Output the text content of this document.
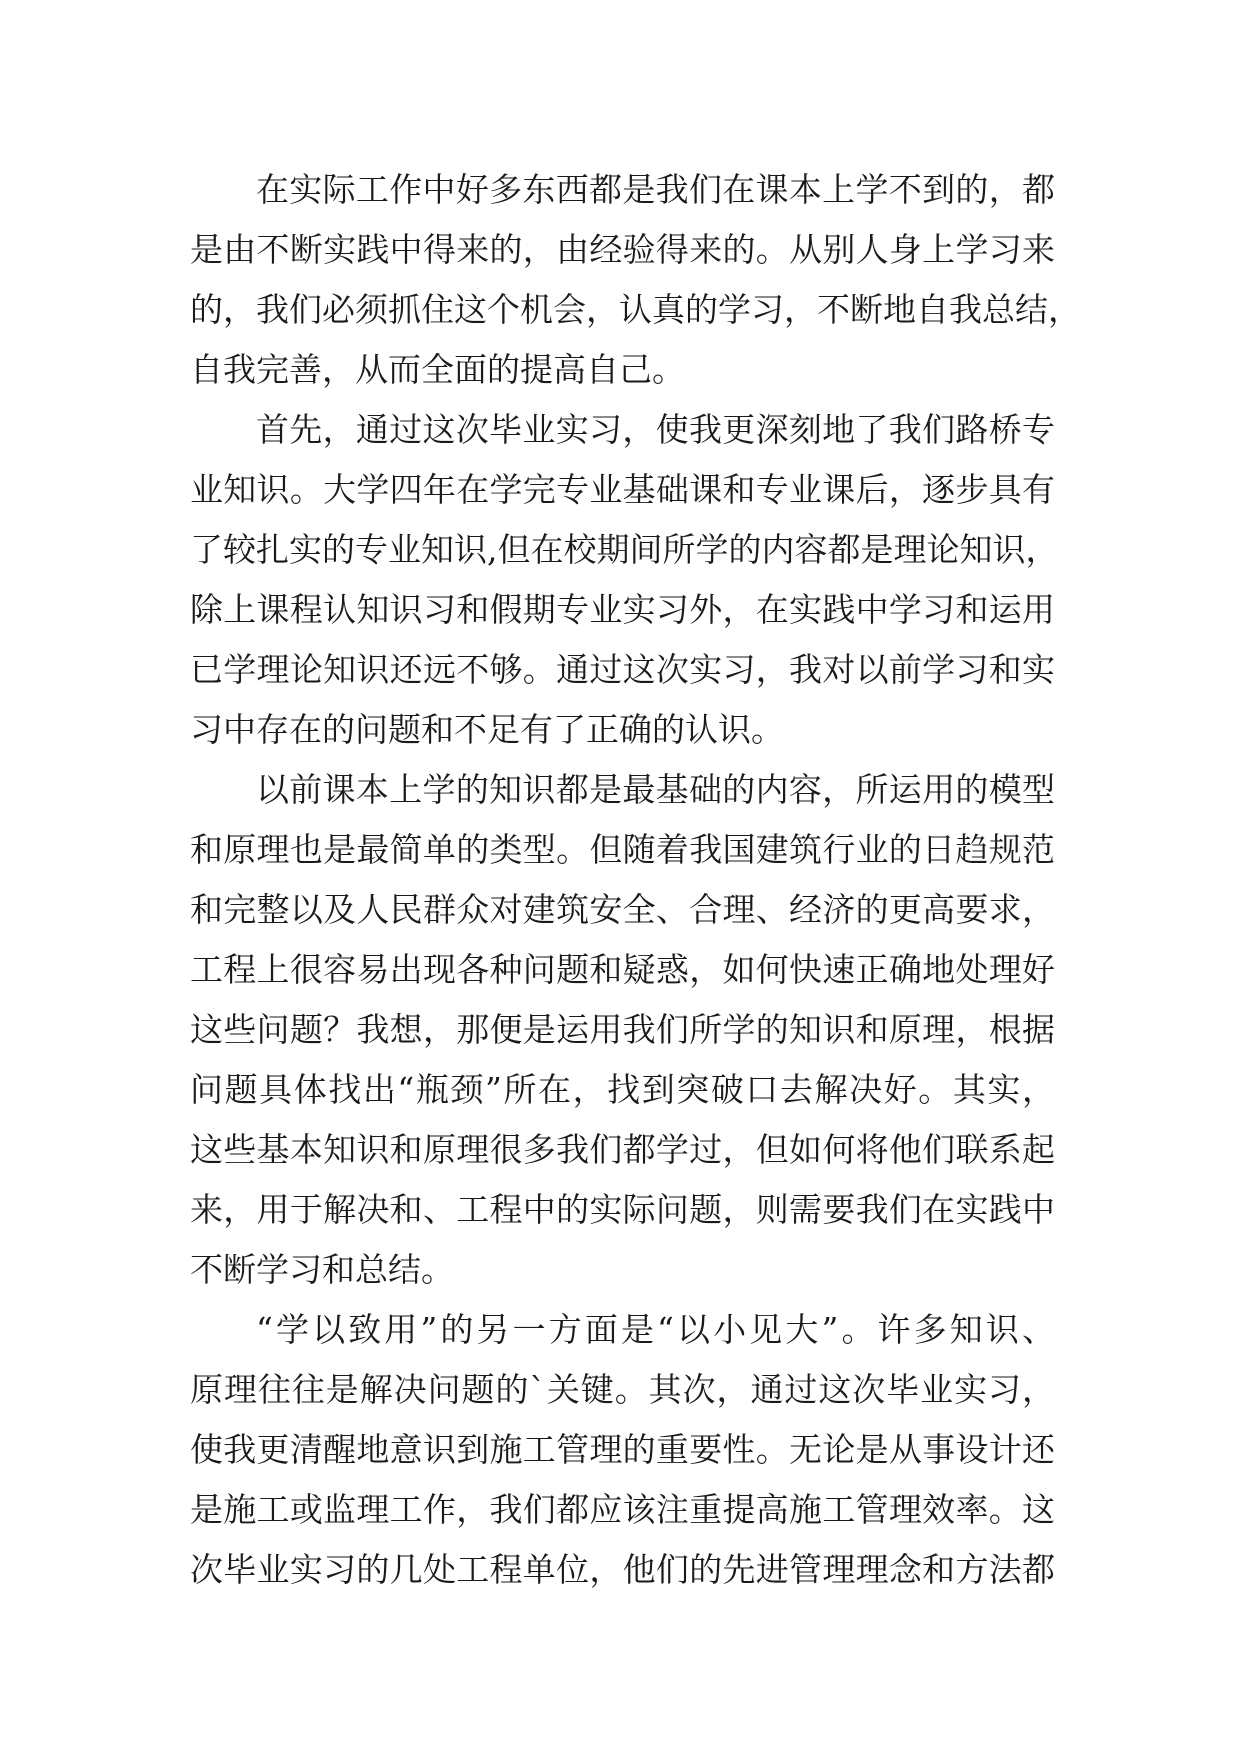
在实际工作中好多东西都是我们在课本上学不到的，都
是由不断实践中得来的，由经验得来的。从别人身上学习来
的，我们必须抓住这个机会，认真的学习，不断地自我总结，
自我完善，从而全面的提高自己。
首先，通过这次毕业实习，使我更深刻地了我们路桥专
业知识。大学四年在学完专业基础课和专业课后，逐步具有
了较扎实的专业知识,但在校期间所学的内容都是理论知识，
除上课程认知识习和假期专业实习外，在实践中学习和运用
已学理论知识还远不够。通过这次实习，我对以前学习和实
习中存在的问题和不足有了正确的认识。
以前课本上学的知识都是最基础的内容，所运用的模型
和原理也是最简单的类型。但随着我国建筑行业的日趋规范
和完整以及人民群众对建筑安全、合理、经济的更高要求，
工程上很容易出现各种问题和疑惑，如何快速正确地处理好
这些问题？我想，那便是运用我们所学的知识和原理，根据
问题具体找出“瓶颈”所在，找到突破口去解决好。其实，
这些基本知识和原理很多我们都学过，但如何将他们联系起
来，用于解决和、工程中的实际问题，则需要我们在实践中
不断学习和总结。
“学以致用”的另一方面是“以小见大”。许多知识、
原理往往是解决问题的`关键。其次，通过这次毕业实习，
使我更清醒地意识到施工管理的重要性。无论是从事设计还
是施工或监理工作，我们都应该注重提高施工管理效率。这
次毕业实习的几处工程单位，他们的先进管理理念和方法都
